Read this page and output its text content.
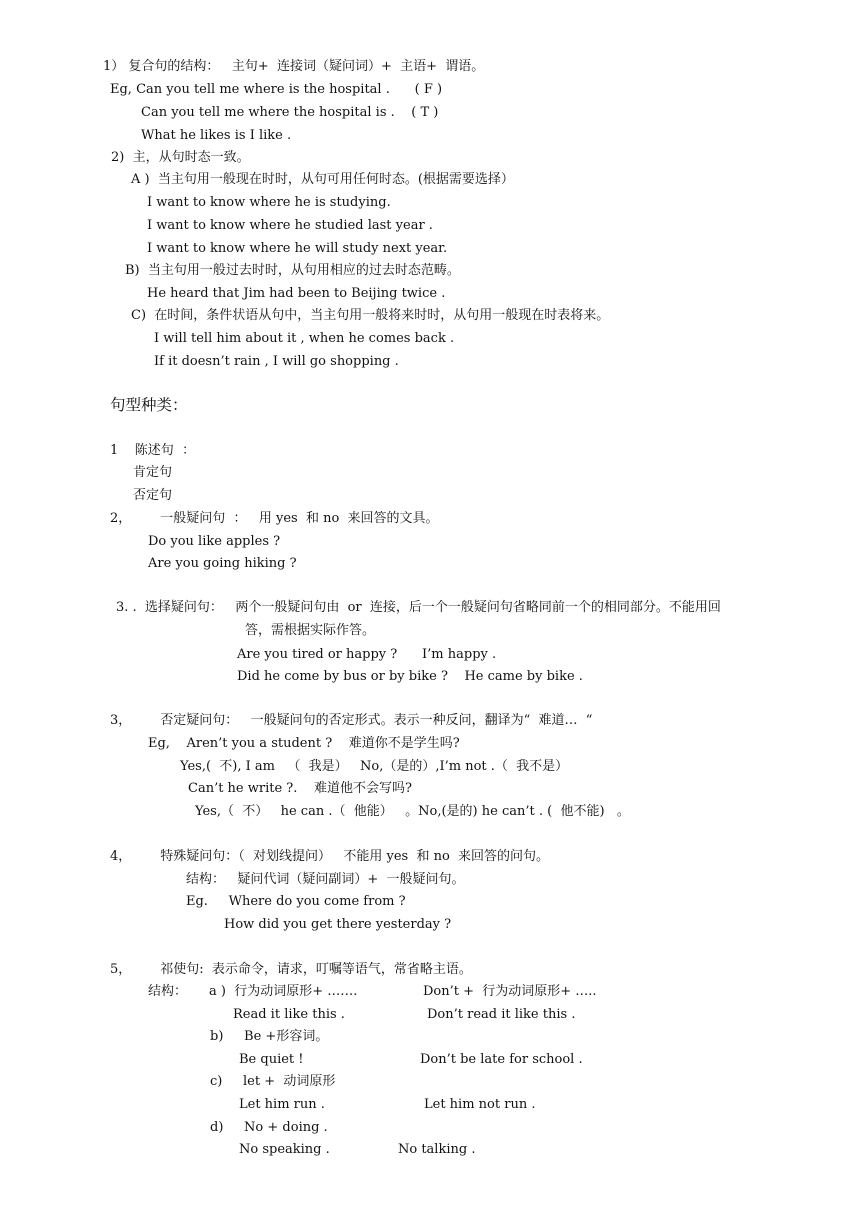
1） 复合句的结构：   主句+  连接词（疑问词）+  主语+  谓语。
Eg, Can you tell me where is the hospital .      ( F )
Can you tell me where the hospital is .    ( T )
What he likes is I like .
2)  主，从句时态一致。
A )  当主句用一般现在时时，从句可用任何时态。(根据需要选择）
I want to know where he is studying.
I want to know where he studied last year .
I want to know where he will study next year.
B)  当主句用一般过去时时，从句用相应的过去时态范畴。
He heard that Jim had been to Beijing twice .
C)  在时间，条件状语从句中，当主句用一般将来时时，从句用一般现在时表将来。
I will tell him about it , when he comes back .
If it doesn’t rain , I will go shopping .
句型种类：
1    陈述句  ：
肯定句
否定句
2，       一般疑问句  ：   用 yes  和 no  来回答的文具。
Do you like apples ?
Are you going hiking ?
3. .  选择疑问句：   两个一般疑问句由  or  连接，后一个一般疑问句省略同前一个的相同部分。不能用回
答，需根据实际作答。
Are you tired or happy ?      I’m happy .
Did he come by bus or by bike ?    He came by bike .
3，       否定疑问句：   一般疑问句的否定形式。表示一种反问，翻译为“  难道…  “
Eg,    Aren’t you a student ?    难道你不是学生吗?
Yes,(  不), I am   （  我是）   No,（是的）,I’m not .（  我不是）
Can’t he write ?.    难道他不会写吗?
Yes,（  不）   he can .（  他能）   。No,(是的) he can’t . (  他不能)   。
4，       特殊疑问句：（  对划线提问）   不能用 yes  和 no  来回答的问句。
结构：   疑问代词（疑问副词）+  一般疑问句。
Eg.     Where do you come from ?
How did you get there yesterday ?
5，       祁使句:  表示命令，请求，叮嘱等语气，常省略主语。
结构： a )  行为动词原形+ …….	Don’t +  行为动词原形+ …..
Read it like this .	Don’t read it like this .
b)     Be +形容词。
Be quiet !	Don’t be late for school .
c)     let +  动词原形
Let him run .	Let him not run .
d)     No + doing .
No speaking .	No talking .
